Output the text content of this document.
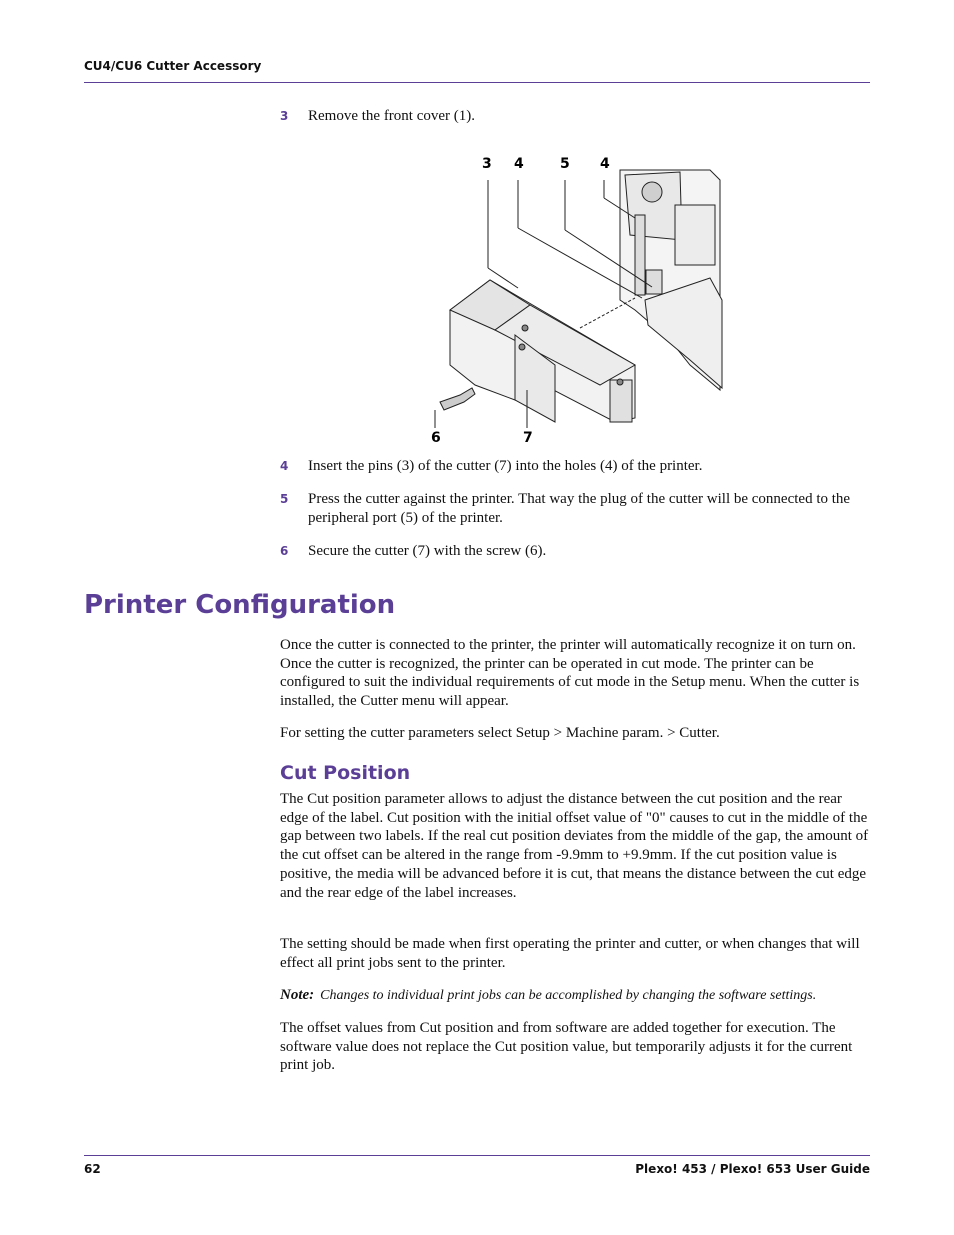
CU4/CU6 Cutter Accessory
3	Remove the front cover (1).
3 4	5 4
6	7
4	Insert the pins (3) of the cutter (7) into the holes (4) of the printer.
5	Press the cutter against the printer. That way the plug of the cutter will be connected to the peripheral port (5) of the printer.
6	Secure the cutter (7) with the screw (6).
Printer Configuration

Once the cutter is connected to the printer, the printer will automatically recognize it on turn on. Once the cutter is recognized, the printer can be operated in cut mode. The printer can be configured to suit the individual requirements of cut mode in the Setup menu. When the cutter is installed, the Cutter menu will appear.

For setting the cutter parameters select Setup > Machine param. > Cutter.

Cut Position

The Cut position parameter allows to adjust the distance between the cut position and the rear edge of the label. Cut position with the initial offset value of "0" causes to cut in the middle of the gap between two labels. If the real cut position deviates from the middle of the gap, the amount of the cut offset can be altered in the range from -9.9mm to +9.9mm. If the cut position value is positive, the media will be advanced before it is cut, that means the distance between the cut edge and the rear edge of the label increases.

The setting should be made when first operating the printer and cutter, or when changes that will effect all print jobs sent to the printer.

Note: Changes to individual print jobs can be accomplished by changing the software settings.

The offset values from Cut position and from software are added together for execution. The software value does not replace the Cut position value, but temporarily adjusts it for the current print job.

62	Plexo! 453 / Plexo! 653 User Guide
